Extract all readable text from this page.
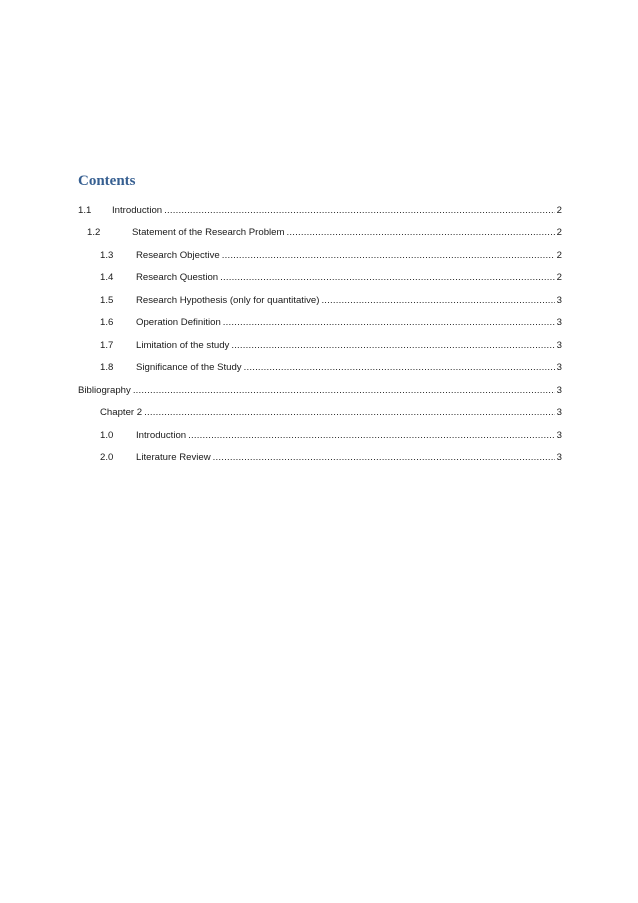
Contents
1.1	Introduction .....	2
1.2	Statement of the Research Problem .....	2
1.3	Research Objective .....	2
1.4	Research Question .....	2
1.5	Research Hypothesis (only for quantitative) .....	3
1.6	Operation Definition .....	3
1.7	Limitation of the study .....	3
1.8	Significance of the Study .....	3
Bibliography .....	3
Chapter 2 .....	3
1.0	Introduction .....	3
2.0	Literature Review .....	3
